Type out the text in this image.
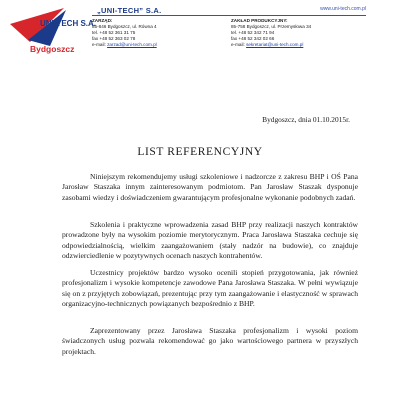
UNI-TECH S.A.
Bydgoszcz
„UNI-TECH” S.A.	www.uni-tech.com.pl
ZARZĄD:
85-846 Bydgoszcz, ul. Równa 4
tel. +48 52 361 31 75
fax +48 52 363 02 78
e-mail: zarzad@uni-tech.com.pl
ZAKŁAD PRODUKCYJNY:
85-758 Bydgoszcz, ul. Przemysłowa 34
tel. +48 52 342 71 94
fax +48 52 342 02 66
e-mail: sekretariat@uni-tech.com.pl
Bydgoszcz, dnia 01.10.2015r.
LIST REFERENCYJNY

Niniejszym rekomendujemy usługi szkoleniowe i nadzorcze z zakresu BHP i OŚ Pana Jarosław Staszaka innym zainteresowanym podmiotom. Pan Jarosław Staszak dysponuje zasobami wiedzy i doświadczeniem gwarantującym profesjonalne wykonanie podobnych zadań.

Szkolenia i praktyczne wprowadzenia zasad BHP przy realizacji naszych kontraktów prowadzone były na wysokim poziomie merytorycznym. Praca Jarosława Staszaka cechuje się odpowiedzialnością, wielkim zaangażowaniem (stały nadzór na budowie), co znajduje odzwierciedlenie w pozytywnych ocenach naszych kontrahentów.

Uczestnicy projektów bardzo wysoko ocenili stopień przygotowania, jak również profesjonalizm i wysokie kompetencje zawodowe Pana Jarosława Staszaka. W pełni wywiązuje się on z przyjętych zobowiązań, prezentując przy tym zaangażowanie i elastyczność w sprawach organizacyjno-technicznych powiązanych bezpośrednio z BHP.

Zaprezentowany przez Jarosława Staszaka profesjonalizm i wysoki poziom świadczonych usług pozwala rekomendować go jako wartościowego partnera w przyszłych projektach.
